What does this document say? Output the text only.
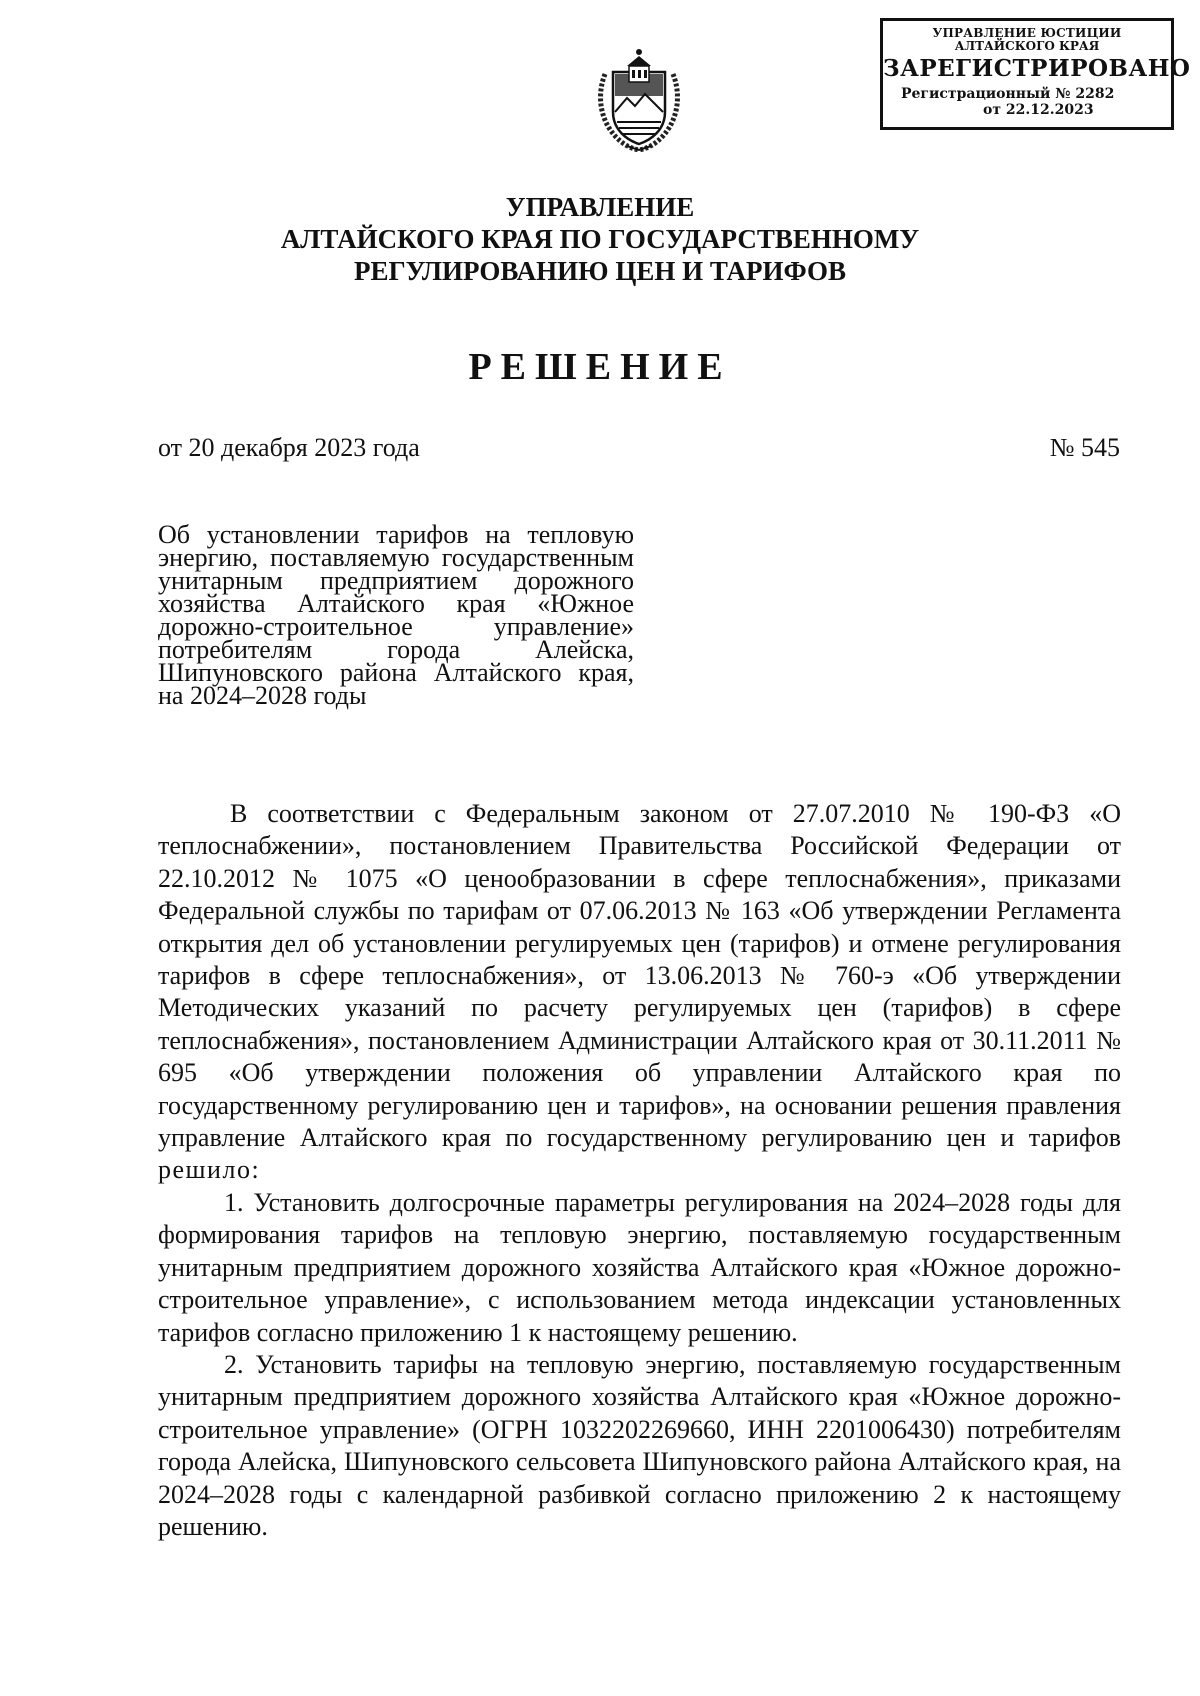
УПРАВЛЕНИЕ ЮСТИЦИИ
АЛТАЙСКОГО КРАЯ
ЗАРЕГИСТРИРОВАНО
Регистрационный № 2282
от 22.12.2023
УПРАВЛЕНИЕ
АЛТАЙСКОГО КРАЯ ПО ГОСУДАРСТВЕННОМУ
РЕГУЛИРОВАНИЮ ЦЕН И ТАРИФОВ
РЕШЕНИЕ
от 20 декабря 2023 года	№ 545
Об установлении тарифов на тепловую энергию, поставляемую государственным унитарным предприятием дорожного хозяйства Алтайского края «Южное дорожно-строительное управление» потребителям города Алейска, Шипуновского района Алтайского края, на 2024–2028 годы

В соответствии с Федеральным законом от 27.07.2010 № 190-ФЗ «О теплоснабжении», постановлением Правительства Российской Федерации от 22.10.2012 № 1075 «О ценообразовании в сфере теплоснабжения», приказами Федеральной службы по тарифам от 07.06.2013 № 163 «Об утверждении Регламента открытия дел об установлении регулируемых цен (тарифов) и отмене регулирования тарифов в сфере теплоснабжения», от 13.06.2013 № 760-э «Об утверждении Методических указаний по расчету регулируемых цен (тарифов) в сфере теплоснабжения», постановлением Администрации Алтайского края от 30.11.2011 № 695 «Об утверждении положения об управлении Алтайского края по государственному регулированию цен и тарифов», на основании решения правления управление Алтайского края по государственному регулированию цен и тарифов решило:

1. Установить долгосрочные параметры регулирования на 2024–2028 годы для формирования тарифов на тепловую энергию, поставляемую государственным унитарным предприятием дорожного хозяйства Алтайского края «Южное дорожно-строительное управление», с использованием метода индексации установленных тарифов согласно приложению 1 к настоящему решению.

2. Установить тарифы на тепловую энергию, поставляемую государственным унитарным предприятием дорожного хозяйства Алтайского края «Южное дорожно-строительное управление» (ОГРН 1032202269660, ИНН 2201006430) потребителям города Алейска, Шипуновского сельсовета Шипуновского района Алтайского края, на 2024–2028 годы с календарной разбивкой согласно приложению 2 к настоящему решению.
